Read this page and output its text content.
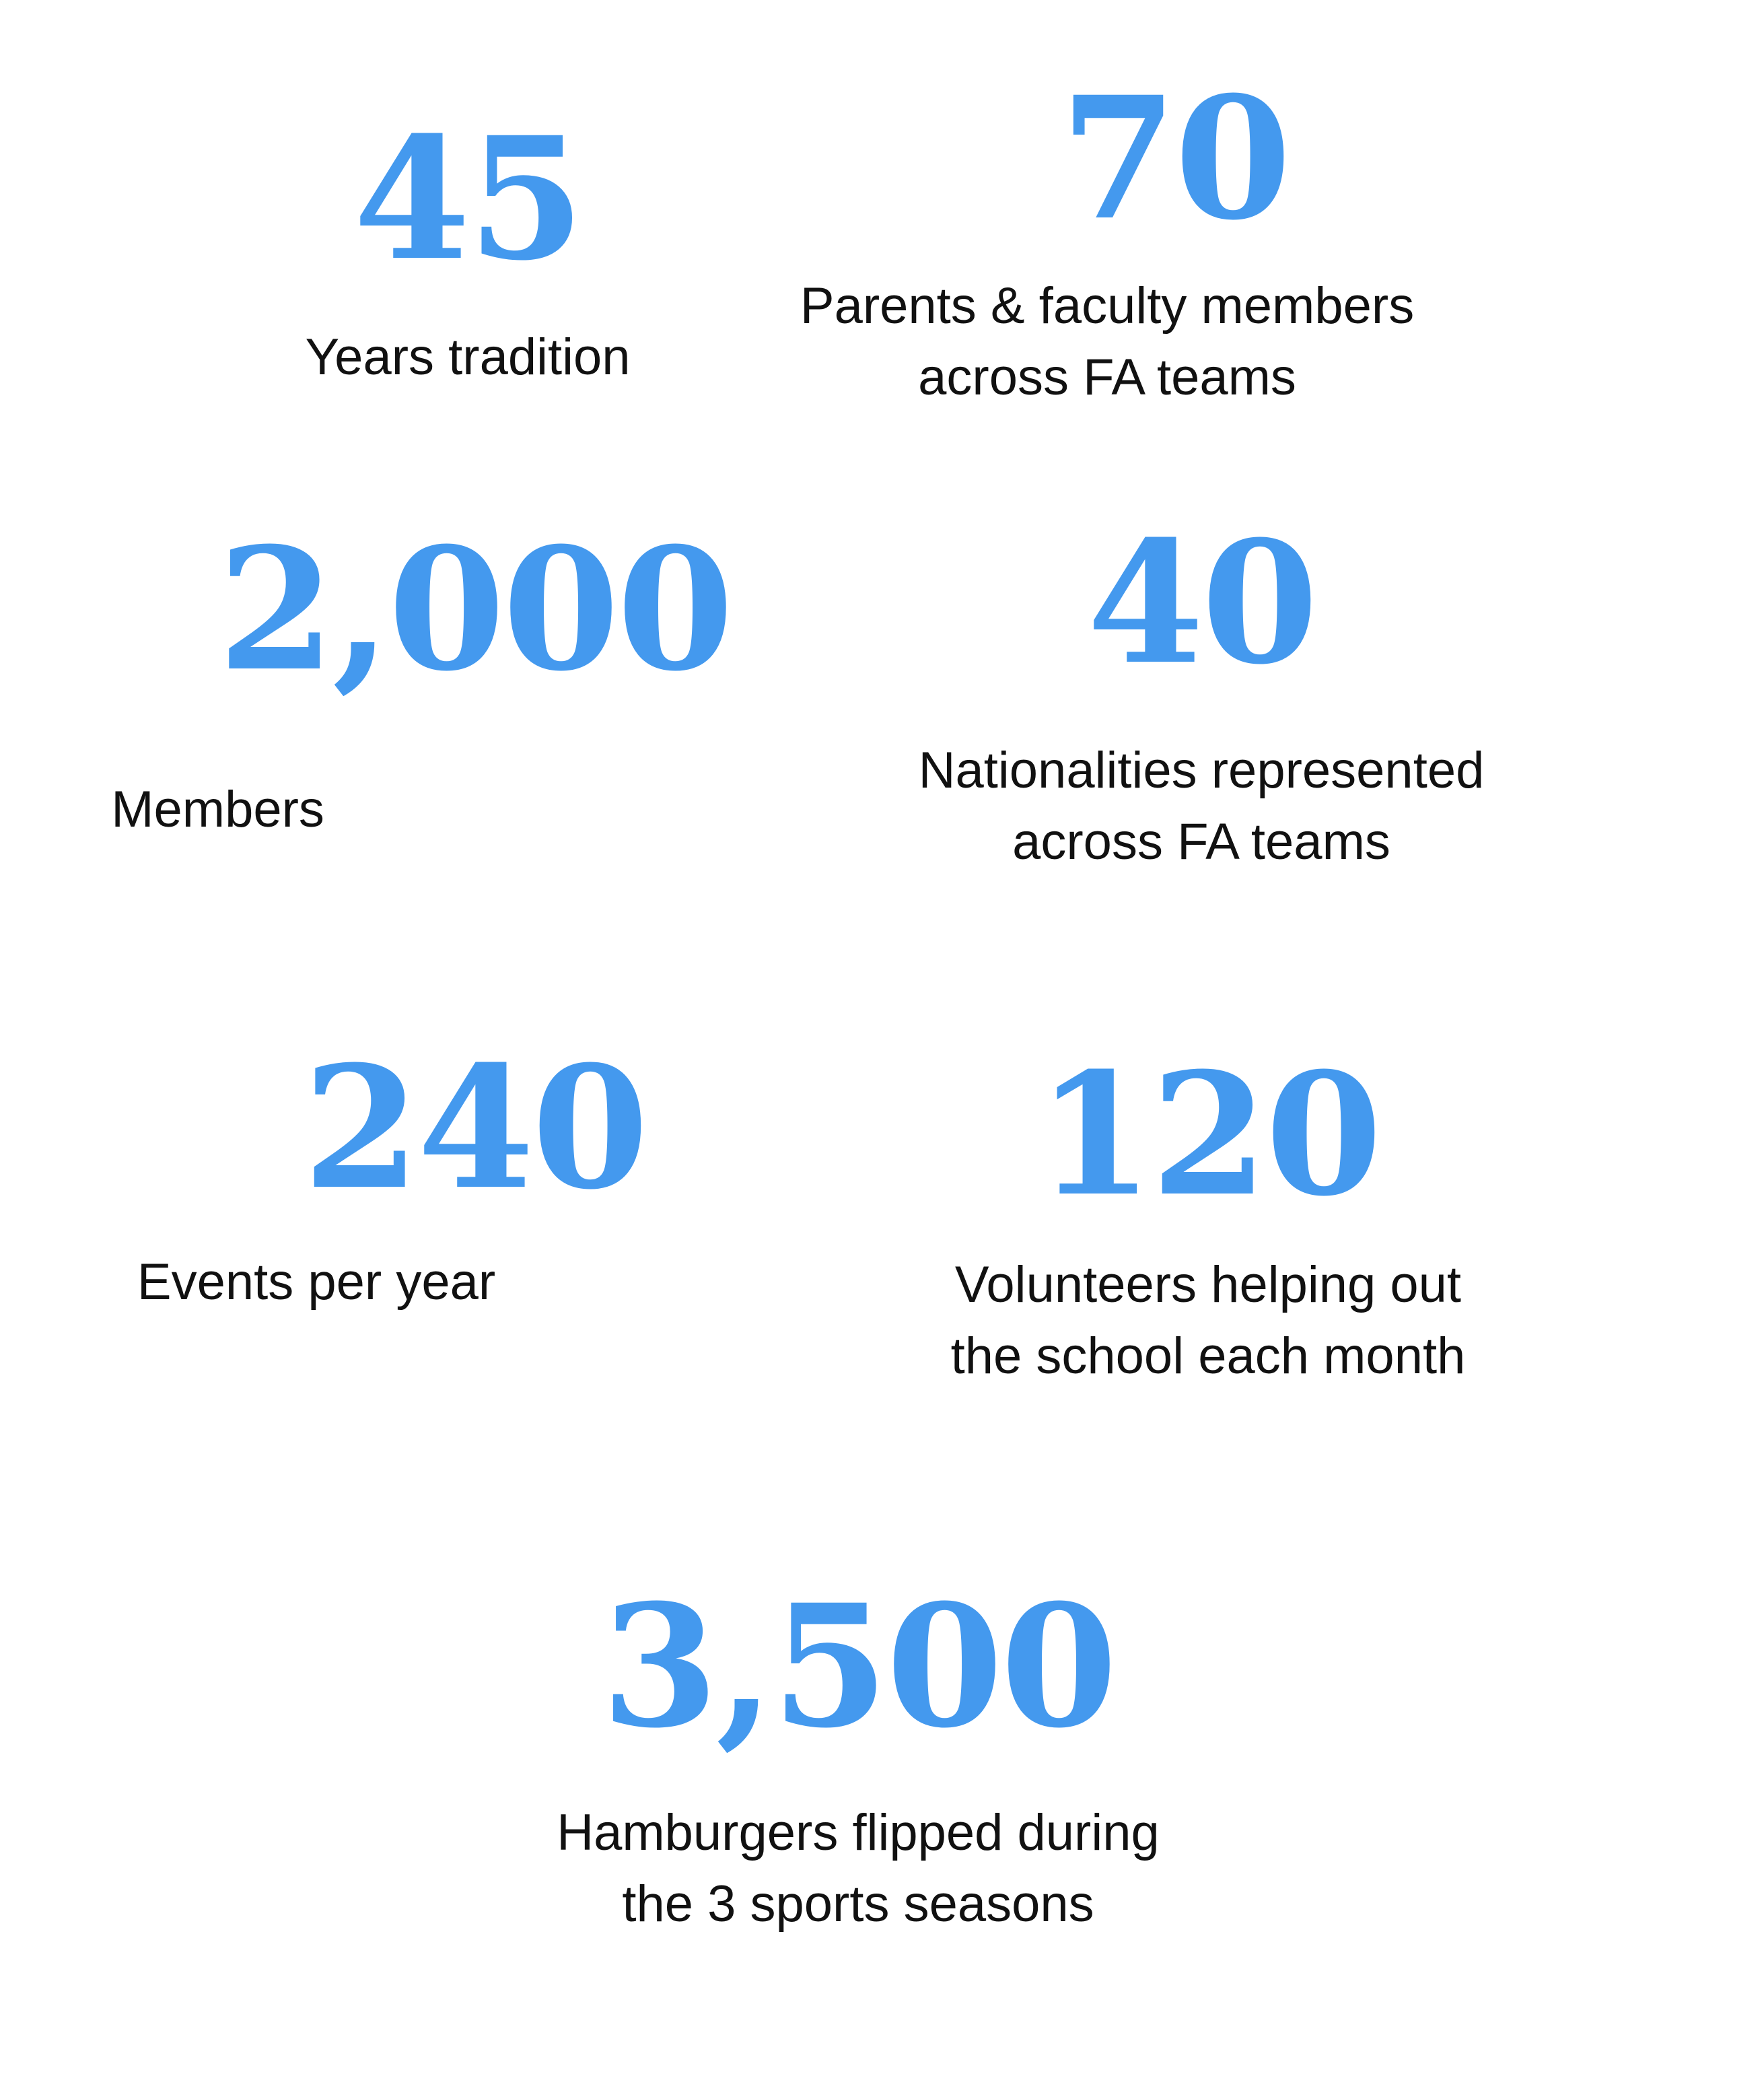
45
Years tradition
70
Parents & faculty members
across FA teams
2,000
Members
40
Nationalities represented
across FA teams
240
Events per year
120
Volunteers helping out
the school each month
3,500
Hamburgers flipped during
the 3 sports seasons
